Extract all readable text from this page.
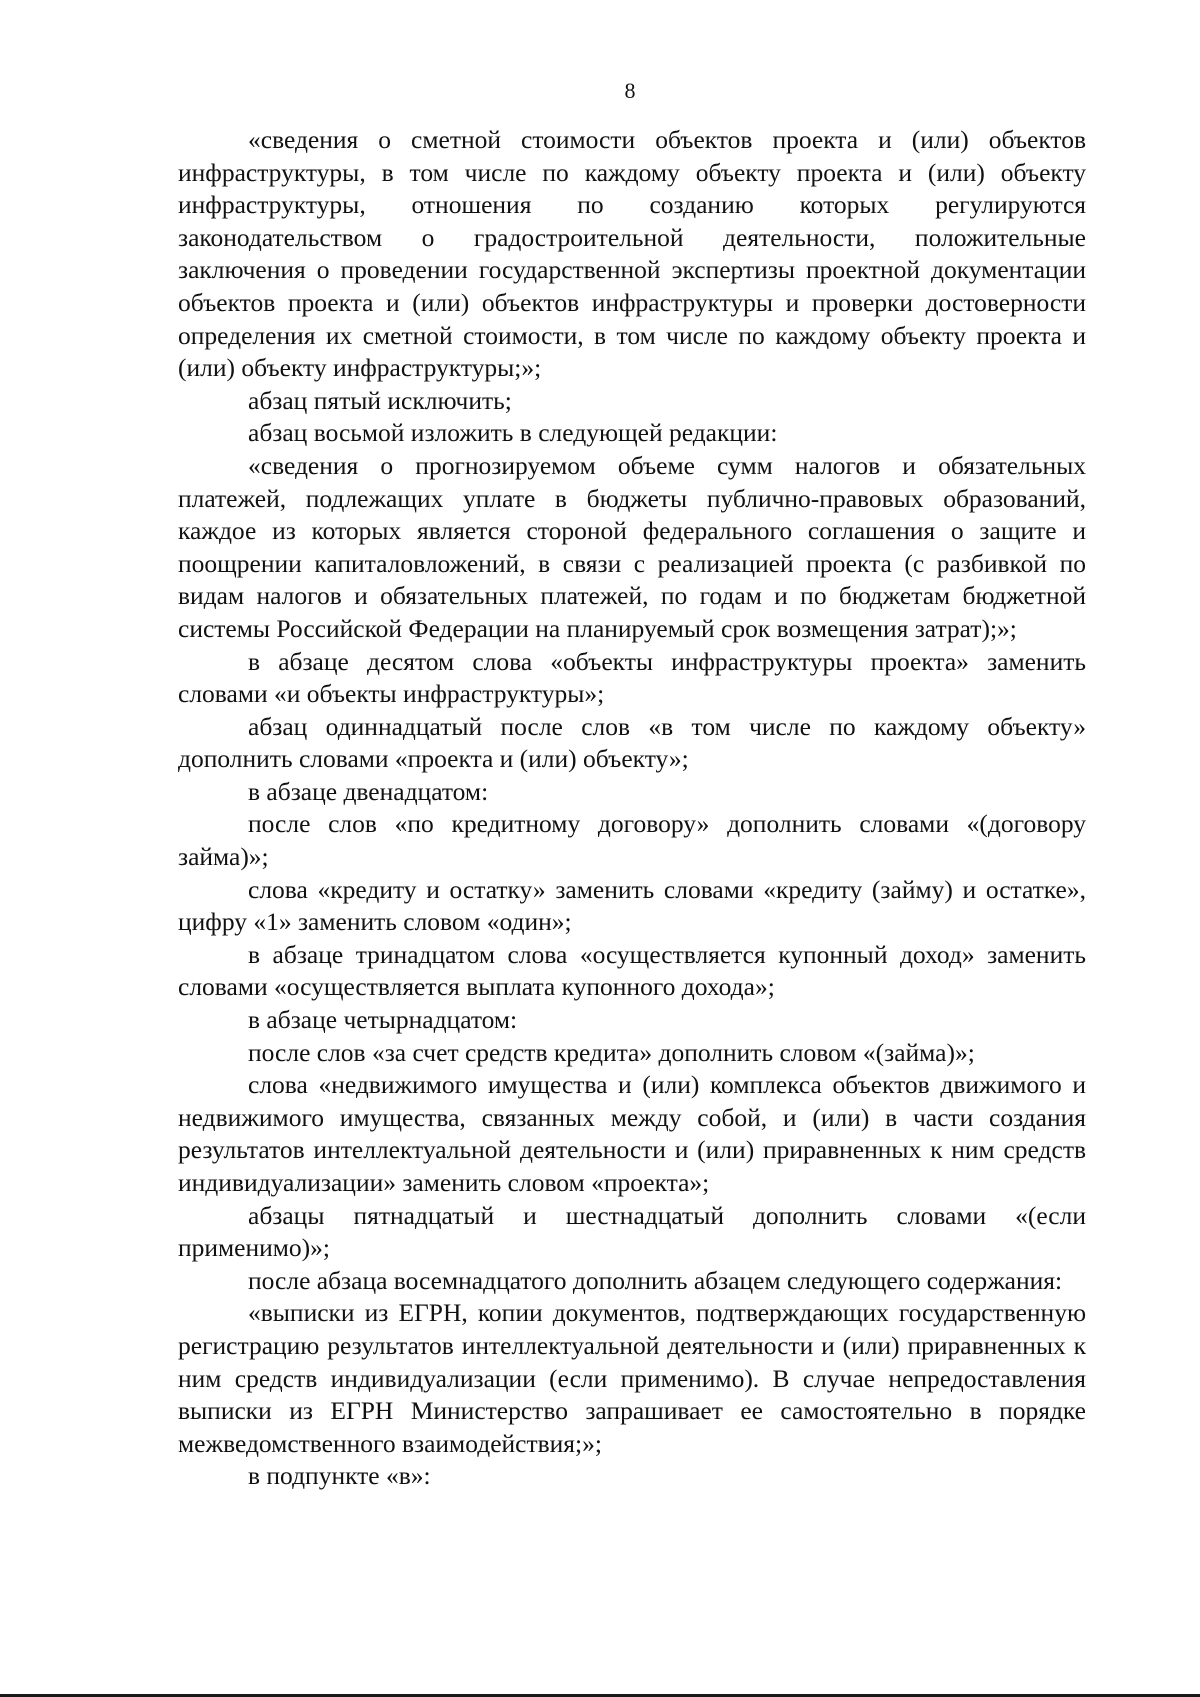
8

«сведения о сметной стоимости объектов проекта и (или) объектов инфраструктуры, в том числе по каждому объекту проекта и (или) объекту инфраструктуры, отношения по созданию которых регулируются законодательством о градостроительной деятельности, положительные заключения о проведении государственной экспертизы проектной документации объектов проекта и (или) объектов инфраструктуры и проверки достоверности определения их сметной стоимости, в том числе по каждому объекту проекта и (или) объекту инфраструктуры;»;

абзац пятый исключить;

абзац восьмой изложить в следующей редакции:

«сведения о прогнозируемом объеме сумм налогов и обязательных платежей, подлежащих уплате в бюджеты публично-правовых образований, каждое из которых является стороной федерального соглашения о защите и поощрении капиталовложений, в связи с реализацией проекта (с разбивкой по видам налогов и обязательных платежей, по годам и по бюджетам бюджетной системы Российской Федерации на планируемый срок возмещения затрат);»;

в абзаце десятом слова «объекты инфраструктуры проекта» заменить словами «и объекты инфраструктуры»;

абзац одиннадцатый после слов «в том числе по каждому объекту» дополнить словами «проекта и (или) объекту»;

в абзаце двенадцатом:

после слов «по кредитному договору» дополнить словами «(договору займа)»;

слова «кредиту и остатку» заменить словами «кредиту (займу) и остатке», цифру «1» заменить словом «один»;

в абзаце тринадцатом слова «осуществляется купонный доход» заменить словами «осуществляется выплата купонного дохода»;

в абзаце четырнадцатом:

после слов «за счет средств кредита» дополнить словом «(займа)»;

слова «недвижимого имущества и (или) комплекса объектов движимого и недвижимого имущества, связанных между собой, и (или) в части создания результатов интеллектуальной деятельности и (или) приравненных к ним средств индивидуализации» заменить словом «проекта»;

абзацы пятнадцатый и шестнадцатый дополнить словами «(если применимо)»;

после абзаца восемнадцатого дополнить абзацем следующего содержания:

«выписки из ЕГРН, копии документов, подтверждающих государственную регистрацию результатов интеллектуальной деятельности и (или) приравненных к ним средств индивидуализации (если применимо). В случае непредоставления выписки из ЕГРН Министерство запрашивает ее самостоятельно в порядке межведомственного взаимодействия;»;

в подпункте «в»:
